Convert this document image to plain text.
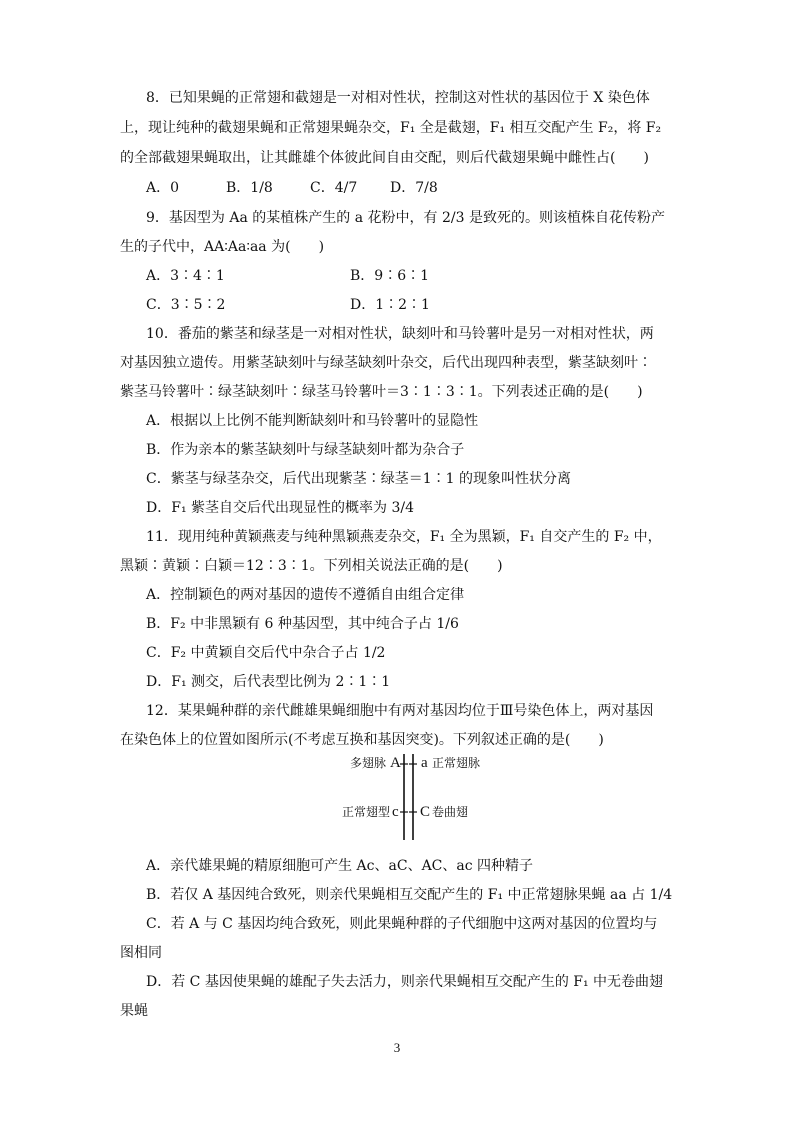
8．已知果蝇的正常翅和截翅是一对相对性状，控制这对性状的基因位于 X 染色体
上，现让纯种的截翅果蝇和正常翅果蝇杂交，F₁ 全是截翅，F₁ 相互交配产生 F₂，将 F₂
的全部截翅果蝇取出，让其雌雄个体彼此间自由交配，则后代截翅果蝇中雌性占(　　)
A．0	B．1/8	C．4/7 D．7/8
9．基因型为 Aa 的某植株产生的 a 花粉中，有 2/3 是致死的。则该植株自花传粉产
生的子代中，AA∶Aa∶aa 为(　　)
A．3∶4∶1	B．9∶6∶1
C．3∶5∶2	D．1∶2∶1
10．番茄的紫茎和绿茎是一对相对性状，缺刻叶和马铃薯叶是另一对相对性状，两
对基因独立遗传。用紫茎缺刻叶与绿茎缺刻叶杂交，后代出现四种表型，紫茎缺刻叶∶
紫茎马铃薯叶∶绿茎缺刻叶∶绿茎马铃薯叶＝3∶1∶3∶1。下列表述正确的是(　　)
A．根据以上比例不能判断缺刻叶和马铃薯叶的显隐性
B．作为亲本的紫茎缺刻叶与绿茎缺刻叶都为杂合子
C．紫茎与绿茎杂交，后代出现紫茎∶绿茎＝1∶1 的现象叫性状分离
D．F₁ 紫茎自交后代出现显性的概率为 3/4
11．现用纯种黄颖燕麦与纯种黑颖燕麦杂交，F₁ 全为黑颖，F₁ 自交产生的 F₂ 中，
黑颖∶黄颖∶白颖＝12∶3∶1。下列相关说法正确的是(　　)
A．控制颖色的两对基因的遗传不遵循自由组合定律
B．F₂ 中非黑颖有 6 种基因型，其中纯合子占 1/6
C．F₂ 中黄颖自交后代中杂合子占 1/2
D．F₁ 测交，后代表型比例为 2∶1∶1
12．某果蝇种群的亲代雌雄果蝇细胞中有两对基因均位于Ⅲ号染色体上，两对基因
在染色体上的位置如图所示(不考虑互换和基因突变)。下列叙述正确的是(　　)
多翅脉 A a 正常翅脉
正常翅型 c C 卷曲翅
A．亲代雄果蝇的精原细胞可产生 Ac、aC、AC、ac 四种精子
B．若仅 A 基因纯合致死，则亲代果蝇相互交配产生的 F₁ 中正常翅脉果蝇 aa 占 1/4
C．若 A 与 C 基因均纯合致死，则此果蝇种群的子代细胞中这两对基因的位置均与
图相同
D．若 C 基因使果蝇的雄配子失去活力，则亲代果蝇相互交配产生的 F₁ 中无卷曲翅
果蝇
3
